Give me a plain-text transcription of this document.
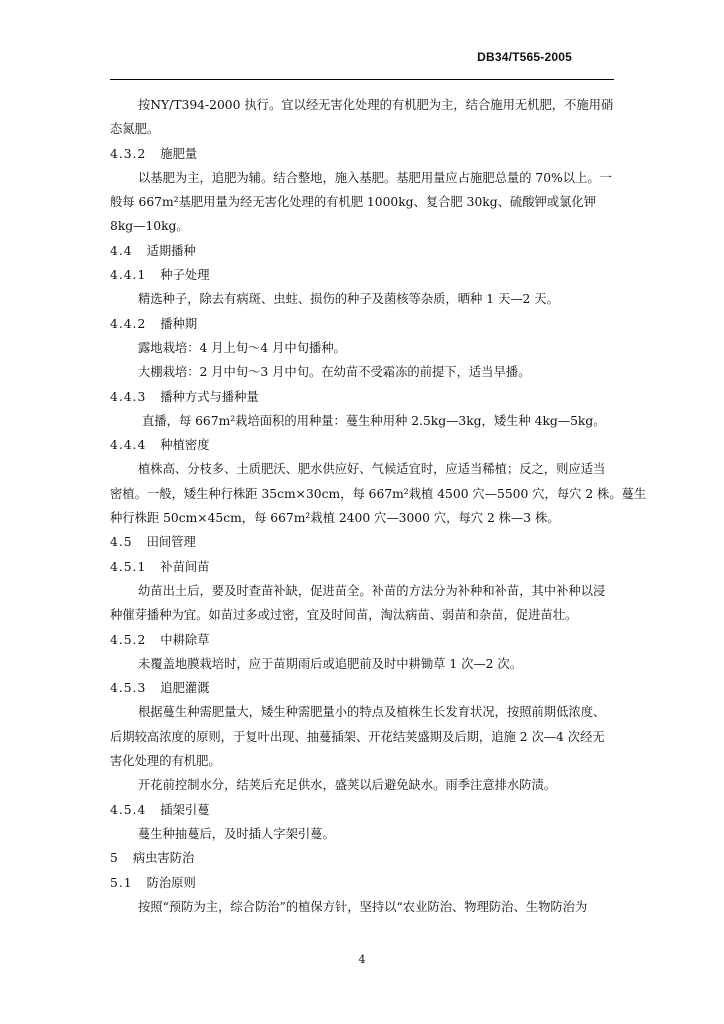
DB34/T565-2005
按NY/T394-2000 执行。宜以经无害化处理的有机肥为主，结合施用无机肥，不施用硝
态氮肥。
4.3.2 施肥量
以基肥为主，追肥为辅。结合整地，施入基肥。基肥用量应占施肥总量的 70%以上。一
般每 667m²基肥用量为经无害化处理的有机肥 1000kg、复合肥 30kg、硫酸钾或氯化钾
8kg—10kg。
4.4 适期播种
4.4.1 种子处理
精选种子，除去有病斑、虫蛀、损伤的种子及菌核等杂质，晒种 1 天—2 天。
4.4.2 播种期
露地栽培：4 月上旬～4 月中旬播种。
大棚栽培：2 月中旬～3 月中旬。在幼苗不受霜冻的前提下，适当早播。
4.4.3 播种方式与播种量
直播，每 667m²栽培面积的用种量：蔓生种用种 2.5kg—3kg，矮生种 4kg—5kg。
4.4.4 种植密度
植株高、分枝多、土质肥沃、肥水供应好、气候适宜时，应适当稀植；反之，则应适当
密植。一般，矮生种行株距 35cm×30cm，每 667m²栽植 4500 穴—5500 穴，每穴 2 株。蔓生
种行株距 50cm×45cm，每 667m²栽植 2400 穴—3000 穴，每穴 2 株—3 株。
4.5 田间管理
4.5.1 补苗间苗
幼苗出土后，要及时查苗补缺，促进苗全。补苗的方法分为补种和补苗，其中补种以浸
种催芽播种为宜。如苗过多或过密，宜及时间苗，淘汰病苗、弱苗和杂苗，促进苗壮。
4.5.2 中耕除草
未覆盖地膜栽培时，应于苗期雨后或追肥前及时中耕锄草 1 次—2 次。
4.5.3 追肥灌溉
根据蔓生种需肥量大，矮生种需肥量小的特点及植株生长发育状况，按照前期低浓度、
后期较高浓度的原则，于复叶出现、抽蔓插架、开花结荚盛期及后期，追施 2 次—4 次经无
害化处理的有机肥。
开花前控制水分，结荚后充足供水，盛荚以后避免缺水。雨季注意排水防渍。
4.5.4 插架引蔓
蔓生种抽蔓后，及时插人字架引蔓。
5 病虫害防治
5.1 防治原则
按照“预防为主，综合防治”的植保方针，坚持以“农业防治、物理防治、生物防治为
4
